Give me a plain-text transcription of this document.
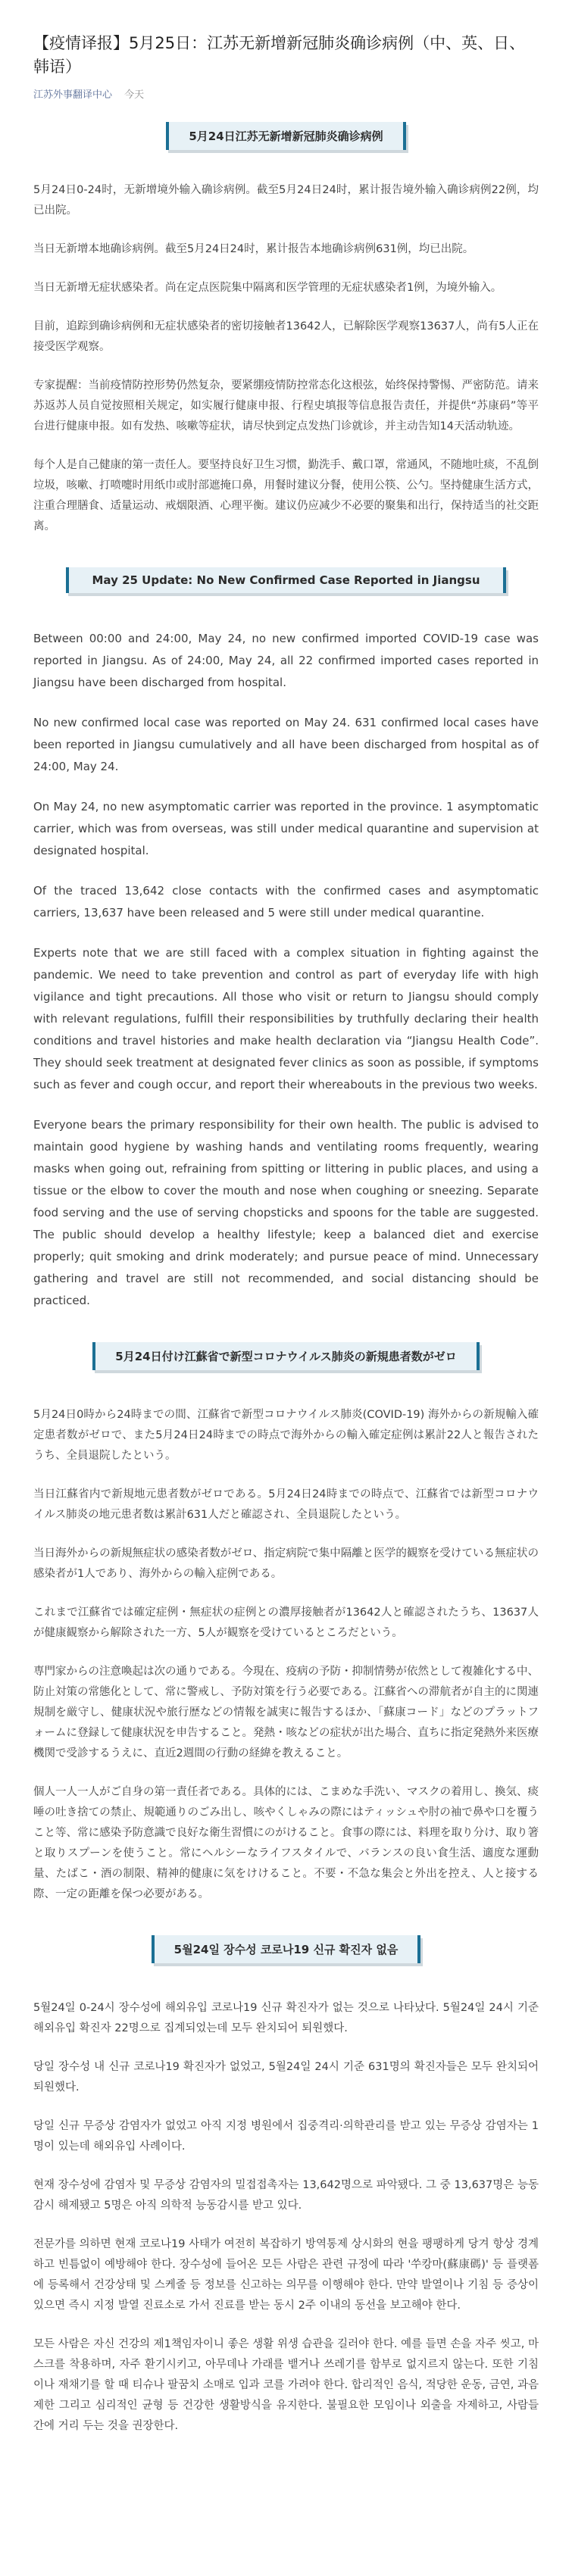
【疫情译报】5月25日：江苏无新增新冠肺炎确诊病例（中、英、日、韩语）
江苏外事翻译中心 今天
5月24日江苏无新增新冠肺炎确诊病例

5月24日0-24时，无新增境外输入确诊病例。截至5月24日24时，累计报告境外输入确诊病例22例，均已出院。

当日无新增本地确诊病例。截至5月24日24时，累计报告本地确诊病例631例，均已出院。

当日无新增无症状感染者。尚在定点医院集中隔离和医学管理的无症状感染者1例，为境外输入。

目前，追踪到确诊病例和无症状感染者的密切接触者13642人，已解除医学观察13637人，尚有5人正在接受医学观察。

专家提醒：当前疫情防控形势仍然复杂，要紧绷疫情防控常态化这根弦，始终保持警惕、严密防范。请来苏返苏人员自觉按照相关规定，如实履行健康申报、行程史填报等信息报告责任，并提供“苏康码”等平台进行健康申报。如有发热、咳嗽等症状，请尽快到定点发热门诊就诊，并主动告知14天活动轨迹。

每个人是自己健康的第一责任人。要坚持良好卫生习惯，勤洗手、戴口罩，常通风，不随地吐痰，不乱倒垃圾，咳嗽、打喷嚏时用纸巾或肘部遮掩口鼻，用餐时建议分餐，使用公筷、公勺。坚持健康生活方式，注重合理膳食、适量运动、戒烟限酒、心理平衡。建议仍应减少不必要的聚集和出行，保持适当的社交距离。

May 25 Update: No New Confirmed Case Reported in Jiangsu

Between 00:00 and 24:00, May 24, no new confirmed imported COVID-19 case was reported in Jiangsu. As of 24:00, May 24, all 22 confirmed imported cases reported in Jiangsu have been discharged from hospital.

No new confirmed local case was reported on May 24. 631 confirmed local cases have been reported in Jiangsu cumulatively and all have been discharged from hospital as of 24:00, May 24.

On May 24, no new asymptomatic carrier was reported in the province. 1 asymptomatic carrier, which was from overseas, was still under medical quarantine and supervision at designated hospital.

Of the traced 13,642 close contacts with the confirmed cases and asymptomatic carriers, 13,637 have been released and 5 were still under medical quarantine.

Experts note that we are still faced with a complex situation in fighting against the pandemic. We need to take prevention and control as part of everyday life with high vigilance and tight precautions. All those who visit or return to Jiangsu should comply with relevant regulations, fulfill their responsibilities by truthfully declaring their health conditions and travel histories and make health declaration via “Jiangsu Health Code”. They should seek treatment at designated fever clinics as soon as possible, if symptoms such as fever and cough occur, and report their whereabouts in the previous two weeks.

Everyone bears the primary responsibility for their own health. The public is advised to maintain good hygiene by washing hands and ventilating rooms frequently, wearing masks when going out, refraining from spitting or littering in public places, and using a tissue or the elbow to cover the mouth and nose when coughing or sneezing. Separate food serving and the use of serving chopsticks and spoons for the table are suggested. The public should develop a healthy lifestyle; keep a balanced diet and exercise properly; quit smoking and drink moderately; and pursue peace of mind. Unnecessary gathering and travel are still not recommended, and social distancing should be practiced.

5月24日付け江蘇省で新型コロナウイルス肺炎の新規患者数がゼロ

5月24日0時から24時までの間、江蘇省で新型コロナウイルス肺炎(COVID-19) 海外からの新規輸入確定患者数がゼロで、また5月24日24時までの時点で海外からの輸入確定症例は累計22人と報告されたうち、全員退院したという。

当日江蘇省内で新規地元患者数がゼロである。5月24日24時までの時点で、江蘇省では新型コロナウイルス肺炎の地元患者数は累計631人だと確認され、全員退院したという。

当日海外からの新規無症状の感染者数がゼロ、指定病院で集中隔離と医学的観察を受けている無症状の感染者が1人であり、海外からの輸入症例である。

これまで江蘇省では確定症例・無症状の症例との濃厚接触者が13642人と確認されたうち、13637人が健康観察から解除された一方、5人が観察を受けているところだという。

専門家からの注意喚起は次の通りである。今現在、疫病の予防・抑制情勢が依然として複雑化する中、防止対策の常態化として、常に警戒し、予防対策を行う必要である。江蘇省への滞航者が自主的に関連規制を厳守し、健康状況や旅行歴などの情報を誠実に報告するほか、「蘇康コード」などのプラットフォームに登録して健康状況を申告すること。発熱・咳などの症状が出た場合、直ちに指定発熱外来医療機関で受診するうえに、直近2週間の行動の経緯を教えること。

個人一人一人がご自身の第一責任者である。具体的には、こまめな手洗い、マスクの着用し、換気、痰唾の吐き捨ての禁止、規範通りのごみ出し、咳やくしゃみの際にはティッシュや肘の袖で鼻や口を覆うこと等、常に感染予防意識で良好な衛生習慣にのがけること。食事の際には、料理を取り分け、取り箸と取りスプーンを使うこと。常にヘルシーなライフスタイルで、バランスの良い食生活、適度な運動量、たばこ・酒の制限、精神的健康に気をけけること。不要・不急な集会と外出を控え、人と接する際、一定の距離を保つ必要がある。

5월24일 장수성 코로나19 신규 확진자 없음

5월24일 0-24시 장수성에 해외유입 코로나19 신규 확진자가 없는 것으로 나타났다. 5월24일 24시 기준 해외유입 확진자 22명으로 집계되었는데 모두 완치되어 퇴원했다.

당일 장수성 내 신규 코로나19 확진자가 없었고, 5월24일 24시 기준 631명의 확진자들은 모두 완치되어 퇴원했다.

당일 신규 무증상 감염자가 없었고 아직 지정 병원에서 집중격리·의학관리를 받고 있는 무증상 감염자는 1명이 있는데 해외유입 사례이다.

현재 장수성에 감염자 및 무증상 감염자의 밀접접촉자는 13,642명으로 파악됐다. 그 중 13,637명은 능동감시 해제됐고 5명은 아직 의학적 능동감시를 받고 있다.

전문가를 의하면 현재 코로나19 사태가 여전히 복잡하기 방역통제 상시화의 현을 팽팽하게 당겨 항상 경계하고 빈틈없이 예방해야 한다. 장수성에 들어온 모든 사람은 관련 규정에 따라 '쑤캉마(蘇康碼)' 등 플랫폼에 등록해서 건강상태 및 스케줄 등 정보를 신고하는 의무를 이행해야 한다. 만약 발열이나 기침 등 증상이 있으면 즉시 지정 발열 진료소로 가서 진료를 받는 동시 2주 이내의 동선을 보고해야 한다.

모든 사람은 자신 건강의 제1책임자이니 좋은 생활 위생 습관을 길러야 한다. 예를 들면 손을 자주 씻고, 마스크를 착용하며, 자주 환기시키고, 아무데나 가래를 뱉거나 쓰레기를 함부로 없지르지 않는다. 또한 기침이나 재채기를 할 때 티슈나 팔꿈치 소매로 입과 코를 가려야 한다. 합리적인 음식, 적당한 운동, 금연, 과음 제한 그리고 심리적인 균형 등 건강한 생활방식을 유지한다. 불필요한 모임이나 외출을 자제하고, 사람들 간에 거리 두는 것을 권장한다.
